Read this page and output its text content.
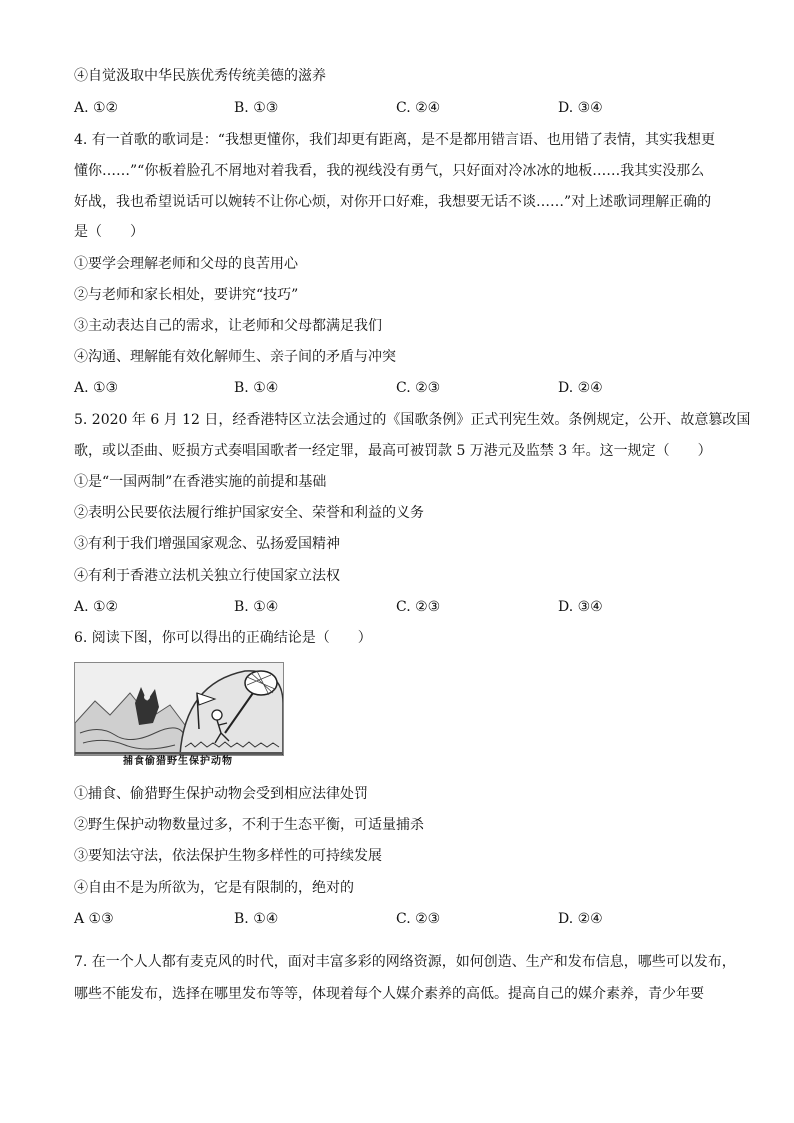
④自觉汲取中华民族优秀传统美德的滋养
A. ①②	B. ①③	C. ②④	D. ③④
4. 有一首歌的歌词是：“我想更懂你，我们却更有距离，是不是都用错言语、也用错了表情，其实我想更
懂你……”“你板着脸孔不屑地对着我看，我的视线没有勇气，只好面对冷冰冰的地板……我其实没那么
好战，我也希望说话可以婉转不让你心烦，对你开口好难，我想要无话不谈……”对上述歌词理解正确的
是（　　）
①要学会理解老师和父母的良苦用心
②与老师和家长相处，要讲究“技巧”
③主动表达自己的需求，让老师和父母都满足我们
④沟通、理解能有效化解师生、亲子间的矛盾与冲突
A. ①③	B. ①④	C. ②③	D. ②④
5. 2020 年 6 月 12 日，经香港特区立法会通过的《国歌条例》正式刊宪生效。条例规定，公开、故意篡改国
歌，或以歪曲、贬损方式奏唱国歌者一经定罪，最高可被罚款 5 万港元及监禁 3 年。这一规定（　　）
①是“一国两制”在香港实施的前提和基础
②表明公民要依法履行维护国家安全、荣誉和利益的义务
③有利于我们增强国家观念、弘扬爱国精神
④有利于香港立法机关独立行使国家立法权
A. ①②	B. ①④	C. ②③	D. ③④
6. 阅读下图，你可以得出的正确结论是（　　）
捕食偷猎野生保护动物
①捕食、偷猎野生保护动物会受到相应法律处罚
②野生保护动物数量过多，不利于生态平衡，可适量捕杀
③要知法守法，依法保护生物多样性的可持续发展
④自由不是为所欲为，它是有限制的，绝对的
A ①③	B. ①④	C. ②③	D. ②④
7. 在一个人人都有麦克风的时代，面对丰富多彩的网络资源，如何创造、生产和发布信息，哪些可以发布，
哪些不能发布，选择在哪里发布等等，体现着每个人媒介素养的高低。提高自己的媒介素养，青少年要
